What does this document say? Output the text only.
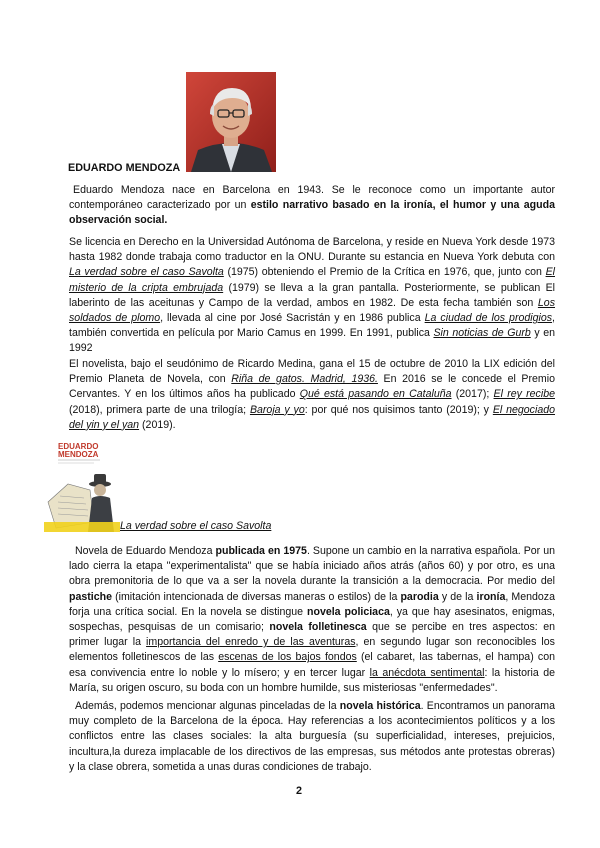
EDUARDO MENDOZA

Eduardo Mendoza nace en Barcelona en 1943. Se le reconoce como un importante autor contemporáneo caracterizado por un estilo narrativo basado en la ironía, el humor y una aguda observación social.

Se licencia en Derecho en la Universidad Autónoma de Barcelona, y reside en Nueva York desde 1973 hasta 1982 donde trabaja como traductor en la ONU. Durante su estancia en Nueva York debuta con La verdad sobre el caso Savolta (1975) obteniendo el Premio de la Crítica en 1976, que, junto con El misterio de la cripta embrujada (1979) se lleva a la gran pantalla. Posteriormente, se publican El laberinto de las aceitunas y Campo de la verdad, ambos en 1982. De esta fecha también son Los soldados de plomo, llevada al cine por José Sacristán y en 1986 publica La ciudad de los prodigios, también convertida en película por Mario Camus en 1999. En 1991, publica Sin noticias de Gurb y en 1992

El novelista, bajo el seudónimo de Ricardo Medina, gana el 15 de octubre de 2010 la LIX edición del Premio Planeta de Novela, con Riña de gatos. Madrid, 1936. En 2016 se le concede el Premio Cervantes. Y en los últimos años ha publicado Qué está pasando en Cataluña (2017); El rey recibe (2018), primera parte de una trilogía; Baroja y yo: por qué nos quisimos tanto (2019); y El negociado del yin y el yan (2019).

EDUARDO
MENDOZA
La verdad sobre el caso Savolta

Novela de Eduardo Mendoza publicada en 1975. Supone un cambio en la narrativa española. Por un lado cierra la etapa "experimentalista" que se había iniciado años atrás (años 60) y por otro, es una obra premonitoria de lo que va a ser la novela durante la transición a la democracia. Por medio del pastiche (imitación intencionada de diversas maneras o estilos) de la parodia y de la ironía, Mendoza forja una crítica social. En la novela se distingue novela policiaca, ya que hay asesinatos, enigmas, sospechas, pesquisas de un comisario; novela folletinesca que se percibe en tres aspectos: en primer lugar la importancia del enredo y de las aventuras, en segundo lugar son reconocibles los elementos folletinescos de las escenas de los bajos fondos (el cabaret, las tabernas, el hampa) con esa convivencia entre lo noble y lo mísero; y en tercer lugar la anécdota sentimental: la historia de María, su origen oscuro, su boda con un hombre humilde, sus misteriosas "enfermedades".

Además, podemos mencionar algunas pinceladas de la novela histórica. Encontramos un panorama muy completo de la Barcelona de la época. Hay referencias a los acontecimientos políticos y a los conflictos entre las clases sociales: la alta burguesía (su superficialidad, intereses, prejuicios, incultura,la dureza implacable de los directivos de las empresas, sus métodos ante protestas obreras) y la clase obrera, sometida a unas duras condiciones de trabajo.

2
